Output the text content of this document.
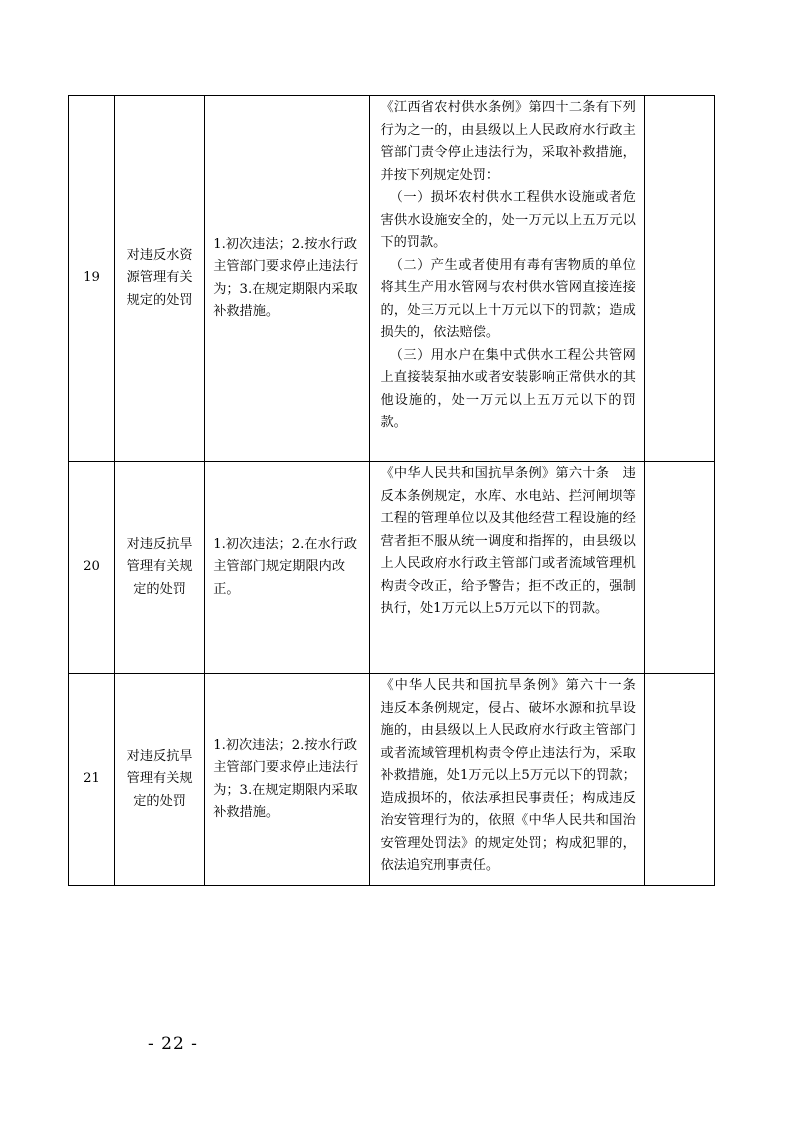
19	对违反水资源管理有关规定的处罚	1.初次违法；2.按水行政主管部门要求停止违法行为；3.在规定期限内采取补救措施。	《江西省农村供水条例》第四十二条有下列行为之一的，由县级以上人民政府水行政主管部门责令停止违法行为，采取补救措施，并按下列规定处罚：
（一）损坏农村供水工程供水设施或者危害供水设施安全的，处一万元以上五万元以下的罚款。
（二）产生或者使用有毒有害物质的单位将其生产用水管网与农村供水管网直接连接的，处三万元以上十万元以下的罚款；造成损失的，依法赔偿。
（三）用水户在集中式供水工程公共管网上直接装泵抽水或者安装影响正常供水的其他设施的，处一万元以上五万元以下的罚款。	

20	对违反抗旱管理有关规定的处罚	1.初次违法；2.在水行政主管部门规定期限内改正。	《中华人民共和国抗旱条例》第六十条　违反本条例规定，水库、水电站、拦河闸坝等工程的管理单位以及其他经营工程设施的经营者拒不服从统一调度和指挥的，由县级以上人民政府水行政主管部门或者流域管理机构责令改正，给予警告；拒不改正的，强制执行，处1万元以上5万元以下的罚款。	

21	对违反抗旱管理有关规定的处罚	1.初次违法；2.按水行政主管部门要求停止违法行为；3.在规定期限内采取补救措施。	《中华人民共和国抗旱条例》第六十一条　违反本条例规定，侵占、破坏水源和抗旱设施的，由县级以上人民政府水行政主管部门或者流域管理机构责令停止违法行为，采取补救措施，处1万元以上5万元以下的罚款；造成损坏的，依法承担民事责任；构成违反治安管理行为的，依照《中华人民共和国治安管理处罚法》的规定处罚；构成犯罪的，依法追究刑事责任。	

- 22 -
